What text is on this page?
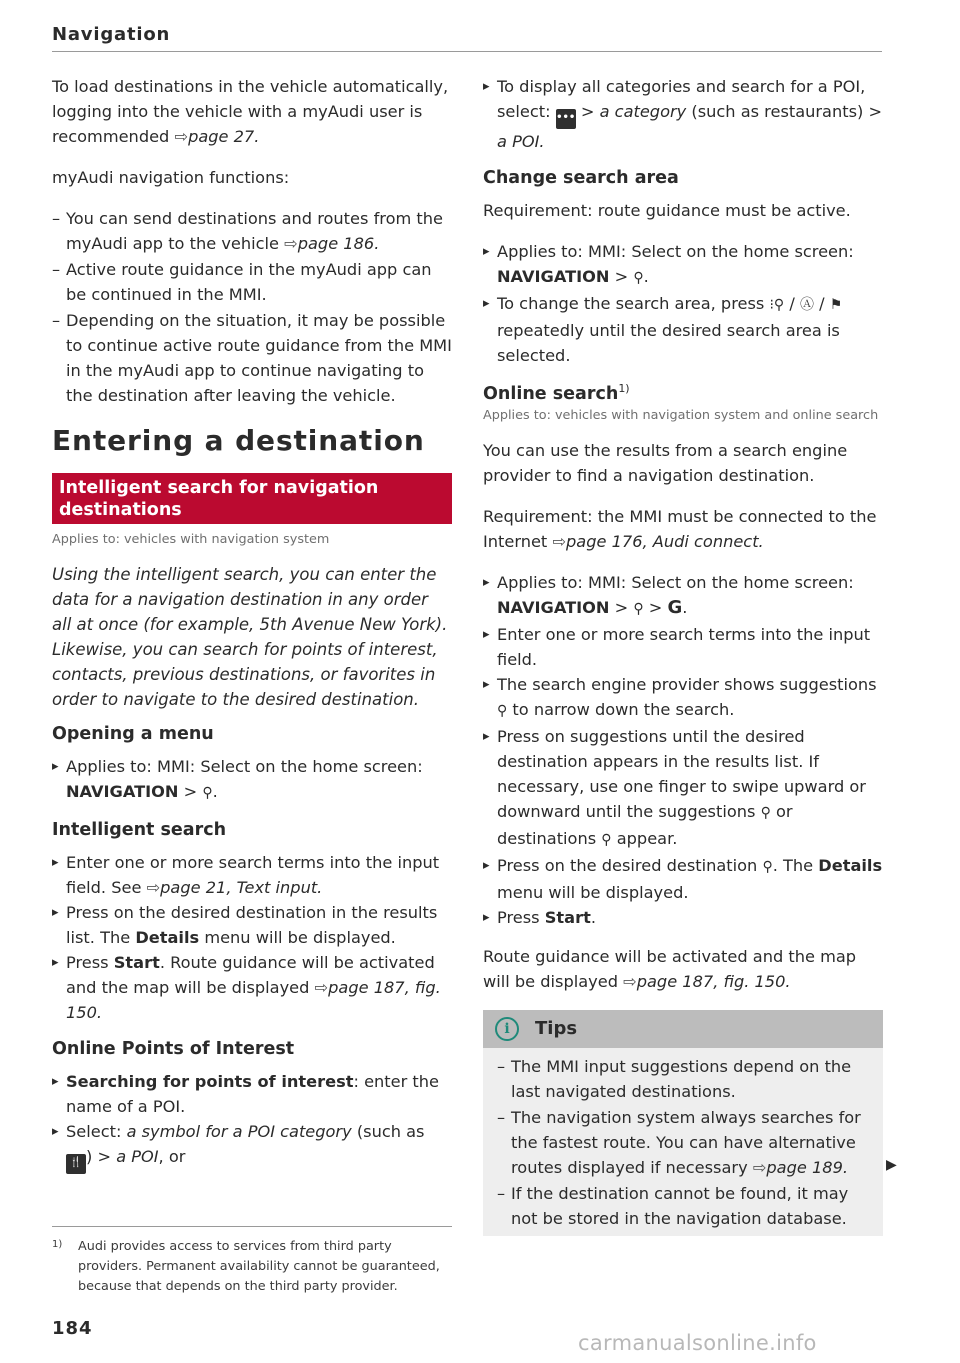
Navigation

To load destinations in the vehicle automatically, logging into the vehicle with a myAudi user is recommended ⇨page 27.

myAudi navigation functions:

– You can send destinations and routes from the myAudi app to the vehicle ⇨page 186.
– Active route guidance in the myAudi app can be continued in the MMI.
– Depending on the situation, it may be possible to continue active route guidance from the MMI in the myAudi app to continue navigating to the destination after leaving the vehicle.
Entering a destination
Intelligent search for navigation destinations
Applies to: vehicles with navigation system

Using the intelligent search, you can enter the data for a navigation destination in any order all at once (for example, 5th Avenue New York). Likewise, you can search for points of interest, contacts, previous destinations, or favorites in order to navigate to the desired destination.

Opening a menu
▸ Applies to: MMI: Select on the home screen:
NAVIGATION > ⚲.
Intelligent search
▸ Enter one or more search terms into the input field. See ⇨page 21, Text input.
▸ Press on the desired destination in the results list. The Details menu will be displayed.
▸ Press Start. Route guidance will be activated and the map will be displayed ⇨page 187, fig. 150.
Online Points of Interest
▸ Searching for points of interest: enter the name of a POI.
▸ Select: a symbol for a POI category (such as
🍴 ) > a POI, or
1) Audi provides access to services from third party providers. Permanent availability cannot be guaranteed, because that depends on the third party provider.
184
▸ To display all categories and search for a POI, select: ••• > a category (such as restaurants) >
a POI.
Change search area

Requirement: route guidance must be active.

▸ Applies to: MMI: Select on the home screen:
NAVIGATION > ⚲.
▸ To change the search area, press ⁝⚲ / Ⓐ / ⚑ repeatedly until the desired search area is selected.
Online search$^{1)}$
Applies to: vehicles with navigation system and online search

You can use the results from a search engine provider to find a navigation destination.

Requirement: the MMI must be connected to the Internet ⇨page 176, Audi connect.

▸ Applies to: MMI: Select on the home screen:
NAVIGATION > ⚲ > G.
▸ Enter one or more search terms into the input field.
▸ The search engine provider shows suggestions
⚲ to narrow down the search.
▸ Press on suggestions until the desired destination appears in the results list. If necessary, use one finger to swipe upward or downward until the suggestions ⚲ or destinations ⚲ appear.
▸ Press on the desired destination ⚲. The Details menu will be displayed.
▸ Press Start.

Route guidance will be activated and the map will be displayed ⇨page 187, fig. 150.

i	Tips
– The MMI input suggestions depend on the last navigated destinations.
– The navigation system always searches for the fastest route. You can have alternative routes displayed if necessary ⇨page 189.
– If the destination cannot be found, it may not be stored in the navigation database.
▶
carmanualsonline.info
